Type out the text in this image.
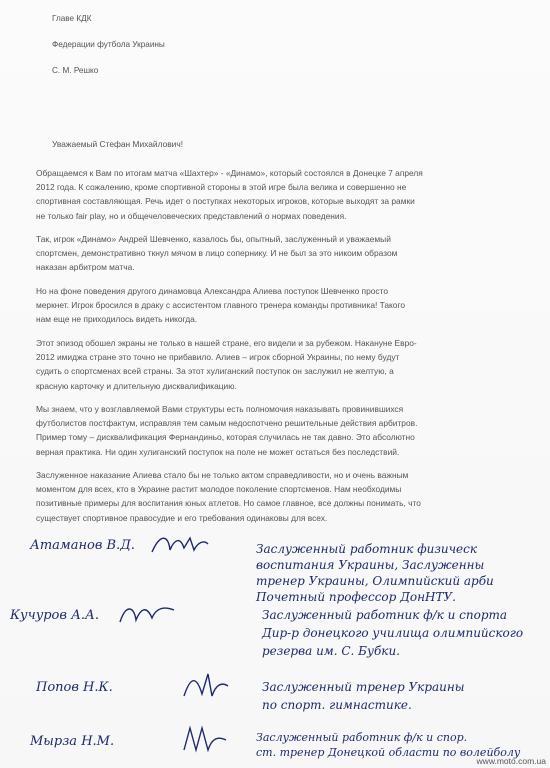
Главе КДК
Федерации футбола Украины
С. М. Решко
Уважаемый Стефан Михайлович!

Обращаемся к Вам по итогам матча «Шахтер» - «Динамо», который состоялся в Донецке 7 апреля
2012 года. К сожалению, кроме спортивной стороны в этой игре была велика и совершенно не
спортивная составляющая. Речь идет о поступках некоторых игроков, которые выходят за рамки
не только fair play, но и общечеловеческих представлений о нормах поведения.

Так, игрок «Динамо» Андрей Шевченко, казалось бы, опытный, заслуженный и уважаемый
спортсмен, демонстративно ткнул мячом в лицо сопернику. И не был за это никоим образом
наказан арбитром матча.

Но на фоне поведения другого динамовца Александра Алиева поступок Шевченко просто
меркнет. Игрок бросился в драку с ассистентом главного тренера команды противника! Такого
нам еще не приходилось видеть никогда.

Этот эпизод обошел экраны не только в нашей стране, его видели и за рубежом. Накануне Евро-
2012 имиджа стране это точно не прибавило. Алиев – игрок сборной Украины, по нему будут
судить о спортсменах всей страны. За этот хулиганский поступок он заслужил не желтую, а
красную карточку и длительную дисквалификацию.

Мы знаем, что у возглавляемой Вами структуры есть полномочия наказывать провинившихся
футболистов постфактум, исправляя тем самым недоспотчено решительные действия арбитров.
Пример тому – дисквалификация Фернандиньо, которая случилась не так давно. Это абсолютно
верная практика. Ни один хулиганский поступок на поле не может остаться без последствий.

Заслуженное наказание Алиева стало бы не только актом справедливости, но и очень важным
моментом для всех, кто в Украине растит молодое поколение спортсменов. Нам необходимы
позитивные примеры для воспитания юных атлетов. Но самое главное, все должны понимать, что
существует спортивное правосудие и его требования одинаковы для всех.

Атаманов В.Д.	Заслуженный работник физическ
воспитания Украины, Заслуженны
тренер Украины, Олимпийский арби
Почетный профессор ДонНТУ.
Кучуров А.А.	Заслуженный работник ф/к и спорта
Дир-р донецкого училища олимпийского
резерва им. С. Бубки.
Попов Н.К.	Заслуженный тренер Украины
по спорт. гимнастике.
Мырза Н.М.	Заслуженный работник ф/к и спор.
ст. тренер Донецкой области по волейболу
www.moto.com.ua
